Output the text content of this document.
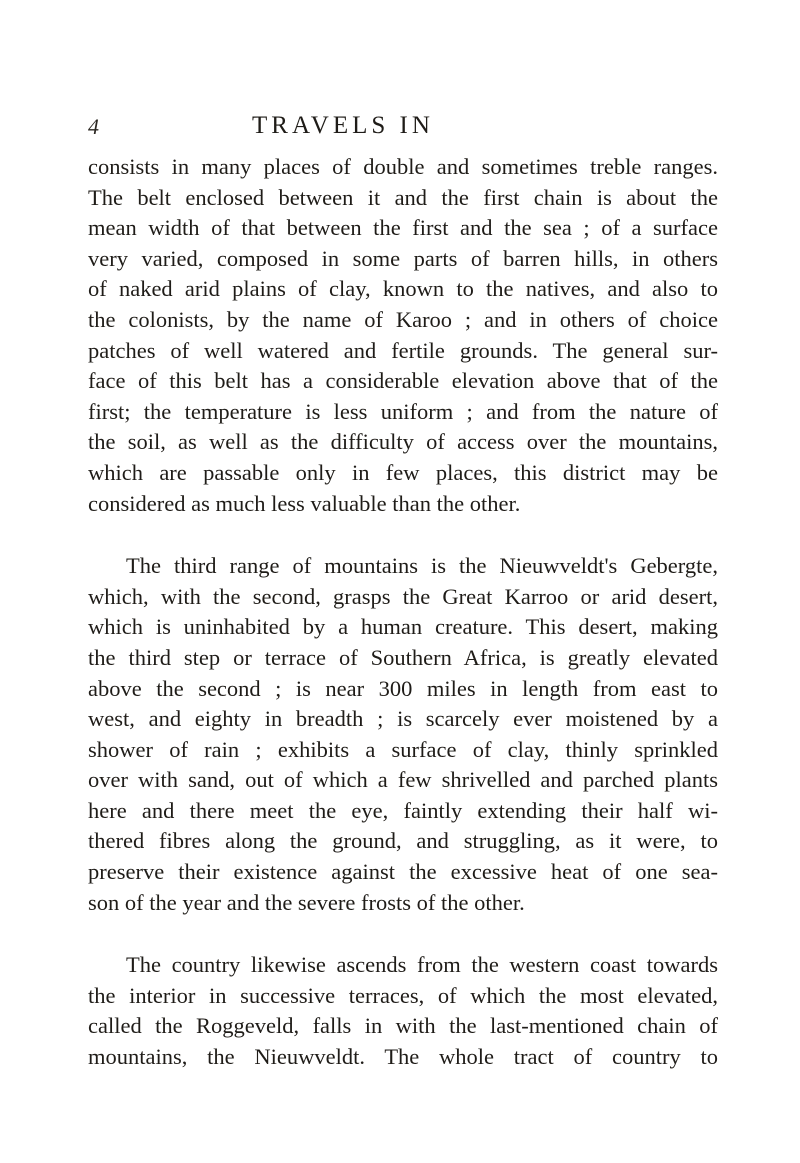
4	TRAVELS IN
consists in many places of double and sometimes treble ranges.
The belt enclosed between it and the first chain is about the
mean width of that between the first and the sea ; of a surface
very varied, composed in some parts of barren hills, in others
of naked arid plains of clay, known to the natives, and also to
the colonists, by the name of Karoo ; and in others of choice
patches of well watered and fertile grounds. The general sur-
face of this belt has a considerable elevation above that of the
first; the temperature is less uniform ; and from the nature of
the soil, as well as the difficulty of access over the mountains,
which are passable only in few places, this district may be
considered as much less valuable than the other.
The third range of mountains is the Nieuwveldt's Gebergte,
which, with the second, grasps the Great Karroo or arid desert,
which is uninhabited by a human creature. This desert, making
the third step or terrace of Southern Africa, is greatly elevated
above the second ; is near 300 miles in length from east to
west, and eighty in breadth ; is scarcely ever moistened by a
shower of rain ; exhibits a surface of clay, thinly sprinkled
over with sand, out of which a few shrivelled and parched plants
here and there meet the eye, faintly extending their half wi-
thered fibres along the ground, and struggling, as it were, to
preserve their existence against the excessive heat of one sea-
son of the year and the severe frosts of the other.
The country likewise ascends from the western coast towards
the interior in successive terraces, of which the most elevated,
called the Roggeveld, falls in with the last-mentioned chain of
mountains, the Nieuwveldt. The whole tract of country to
